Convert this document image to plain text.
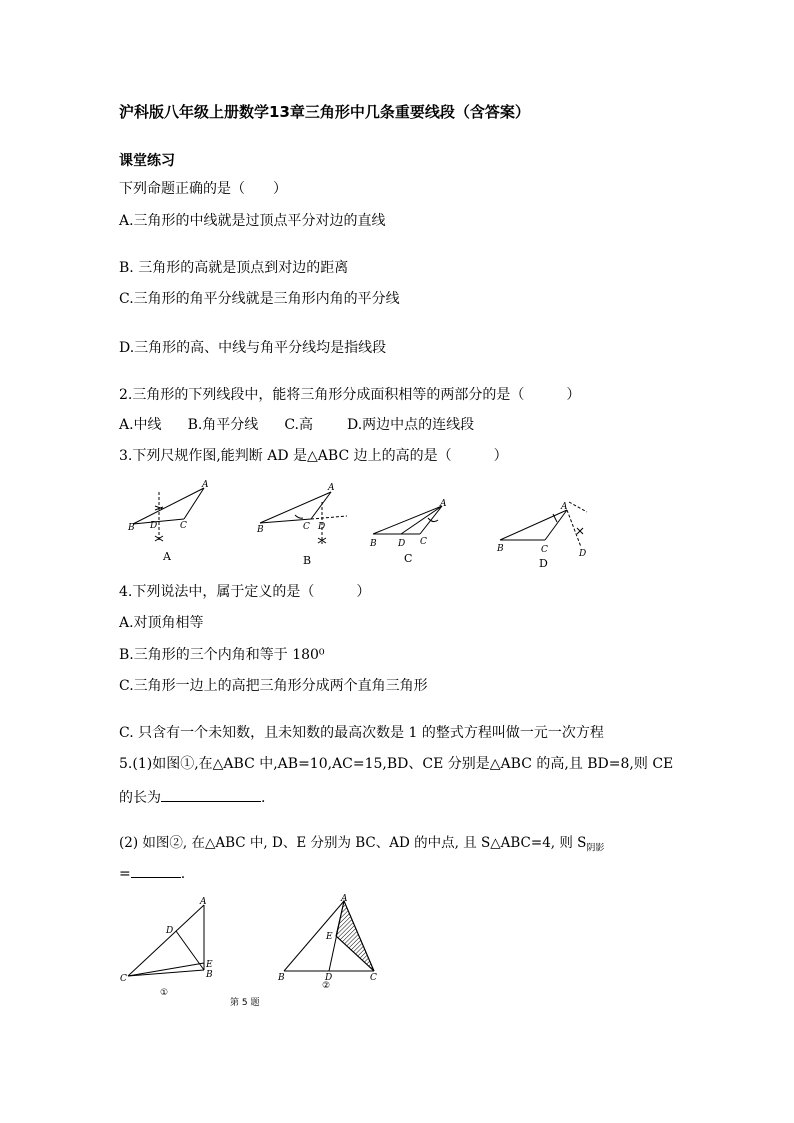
沪科版八年级上册数学13章三角形中几条重要线段（含答案）
课堂练习
下列命题正确的是（　　）
A.三角形的中线就是过顶点平分对边的直线
B. 三角形的高就是顶点到对边的距离
C.三角形的角平分线就是三角形内角的平分线
D.三角形的高、中线与角平分线均是指线段
2.三角形的下列线段中，能将三角形分成面积相等的两部分的是（　　　）
A.中线 B.角平分线 C.高 D.两边中点的连线段
3.下列尺规作图,能判断 AD 是△ABC 边上的高的是（　　　）
B D	C
A
A
B	C D
A
B
B D C
A
C
B	C	D
A
D
4.下列说法中，属于定义的是（　　　）
A.对顶角相等
B.三角形的三个内角和等于 180⁰
C.三角形一边上的高把三角形分成两个直角三角形
C. 只含有一个未知数，且未知数的最高次数是 1 的整式方程叫做一元一次方程
5.(1)如图①,在△ABC 中,AB=10,AC=15,BD、CE 分别是△ABC 的高,且 BD=8,则 CE
的长为	.
(2) 如图②, 在△ABC 中, D、E 分别为 BC、AD 的中点, 且 S△ABC=4, 则 $S_{阴影}$
=	.
C
D
A
E
B
①
B	D	C
A
E
②
第 5 题
